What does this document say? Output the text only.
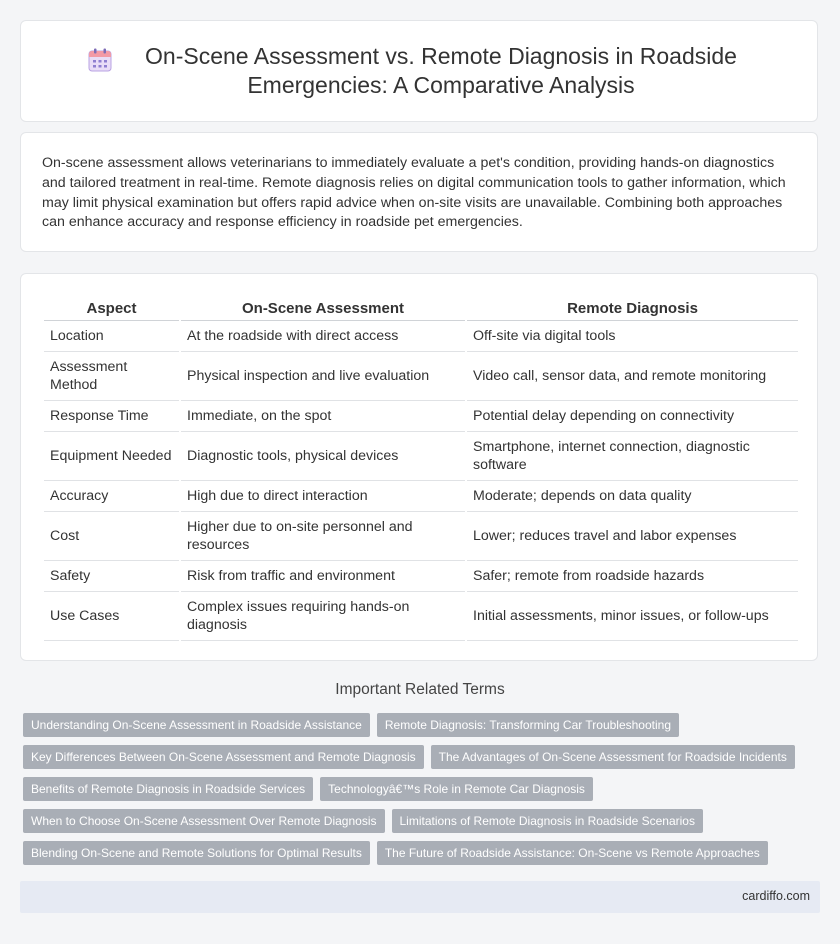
On-Scene Assessment vs. Remote Diagnosis in Roadside Emergencies: A Comparative Analysis

On-scene assessment allows veterinarians to immediately evaluate a pet's condition, providing hands-on diagnostics and tailored treatment in real-time. Remote diagnosis relies on digital communication tools to gather information, which may limit physical examination but offers rapid advice when on-site visits are unavailable. Combining both approaches can enhance accuracy and response efficiency in roadside pet emergencies.

Aspect	On-Scene Assessment	Remote Diagnosis
Location	At the roadside with direct access	Off-site via digital tools
Assessment Method	Physical inspection and live evaluation	Video call, sensor data, and remote monitoring
Response Time	Immediate, on the spot	Potential delay depending on connectivity
Equipment Needed	Diagnostic tools, physical devices	Smartphone, internet connection, diagnostic software
Accuracy	High due to direct interaction	Moderate; depends on data quality
Cost	Higher due to on-site personnel and resources	Lower; reduces travel and labor expenses
Safety	Risk from traffic and environment	Safer; remote from roadside hazards
Use Cases	Complex issues requiring hands-on diagnosis	Initial assessments, minor issues, or follow-ups
Important Related Terms
Understanding On-Scene Assessment in Roadside Assistance	Remote Diagnosis: Transforming Car Troubleshooting
Key Differences Between On-Scene Assessment and Remote Diagnosis	The Advantages of On-Scene Assessment for Roadside Incidents
Benefits of Remote Diagnosis in Roadside Services	Technologyâ€™s Role in Remote Car Diagnosis
When to Choose On-Scene Assessment Over Remote Diagnosis	Limitations of Remote Diagnosis in Roadside Scenarios
Blending On-Scene and Remote Solutions for Optimal Results	The Future of Roadside Assistance: On-Scene vs Remote Approaches
cardiffo.com
